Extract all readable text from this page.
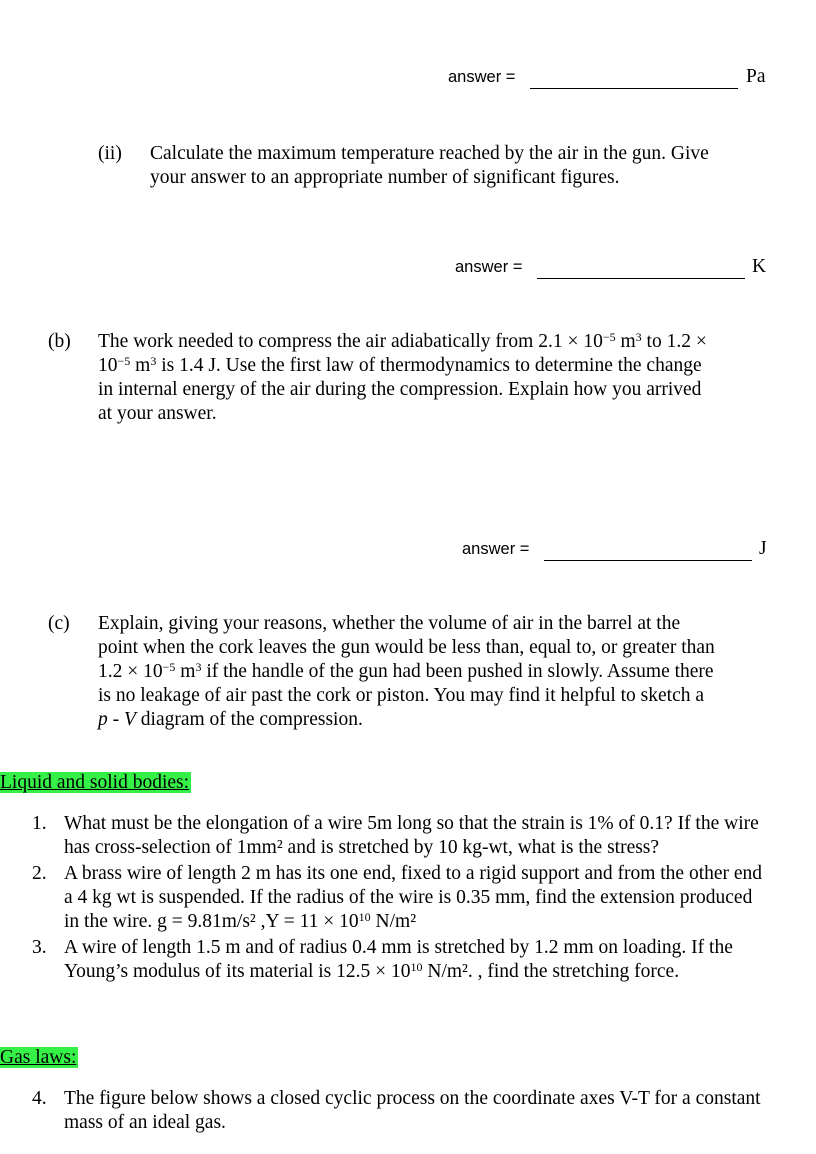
answer =	Pa
(ii) Calculate the maximum temperature reached by the air in the gun. Give
your answer to an appropriate number of significant figures.
answer =	K
(b) The work needed to compress the air adiabatically from $2.1 \times 10^{-5}$ $m^3$ to 1.2 ×
$10^{-5}$ $m^3$ is 1.4 J. Use the first law of thermodynamics to determine the change
in internal energy of the air during the compression. Explain how you arrived
at your answer.
answer =	J
(c) Explain, giving your reasons, whether the volume of air in the barrel at the
point when the cork leaves the gun would be less than, equal to, or greater than
$1.2 \times 10^{-5}$ $m^3$ if the handle of the gun had been pushed in slowly. Assume there
is no leakage of air past the cork or piston. You may find it helpful to sketch a
p - V diagram of the compression.
Liquid and solid bodies:
1. What must be the elongation of a wire 5m long so that the strain is 1% of 0.1? If the wire
has cross-selection of 1mm² and is stretched by 10 kg-wt, what is the stress?
2. A brass wire of length 2 m has its one end, fixed to a rigid support and from the other end
a 4 kg wt is suspended. If the radius of the wire is 0.35 mm, find the extension produced
in the wire. g = 9.81m/s² $,Y = 11 \times 10^{10}$ N/m²
3. A wire of length 1.5 m and of radius 0.4 mm is stretched by 1.2 mm on loading. If the
Young’s modulus of its material is $12.5 \times 10^{10}$ N/m². , find the stretching force.
Gas laws:
4. The figure below shows a closed cyclic process on the coordinate axes V-T for a constant
mass of an ideal gas.
